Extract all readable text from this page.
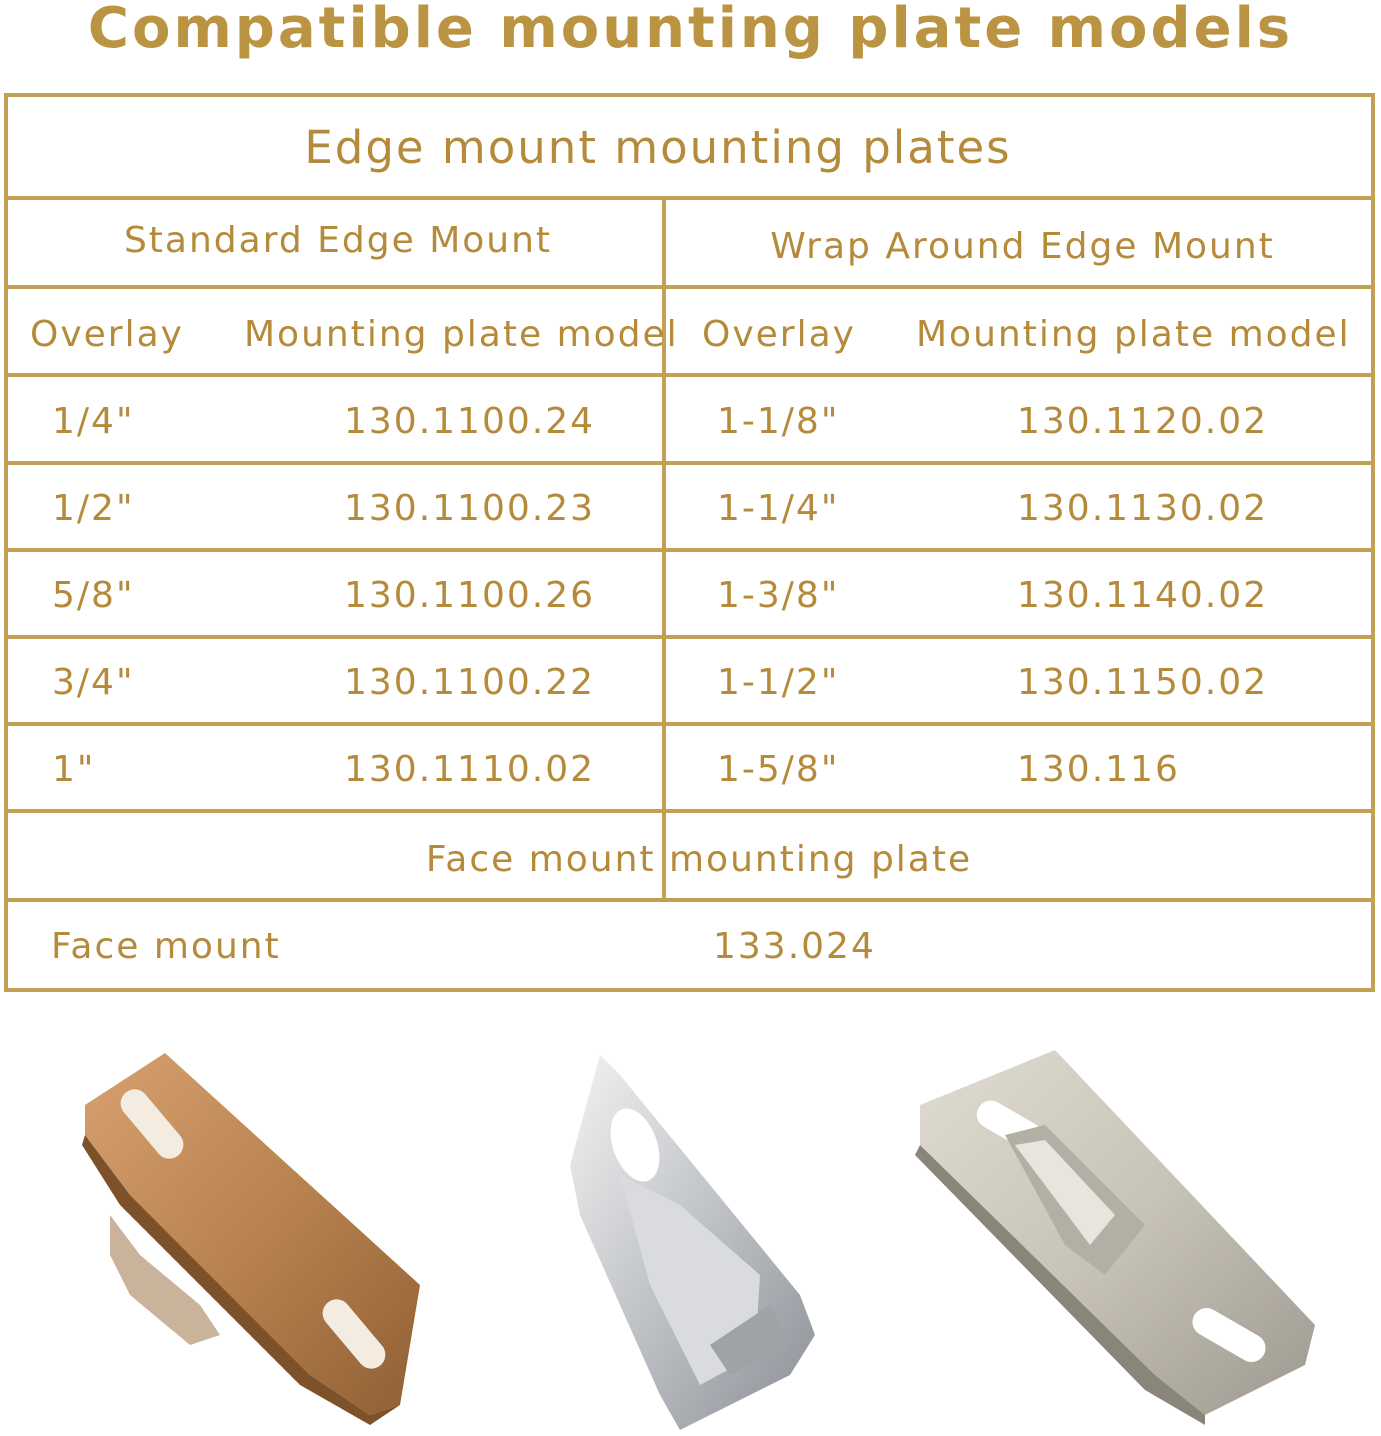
Compatible mounting plate models
Edge mount mounting plates
Standard Edge Mount	Wrap Around Edge Mount
Overlay Mounting plate model Overlay Mounting plate model
1/4"	130.1100.24	1-1/8"	130.1120.02
1/2"	130.1100.23	1-1/4"	130.1130.02
5/8"	130.1100.26	1-3/8"	130.1140.02
3/4"	130.1100.22	1-1/2"	130.1150.02
1"	130.1110.02	1-5/8"	130.116
Face mount mounting plate
Face mount	133.024
